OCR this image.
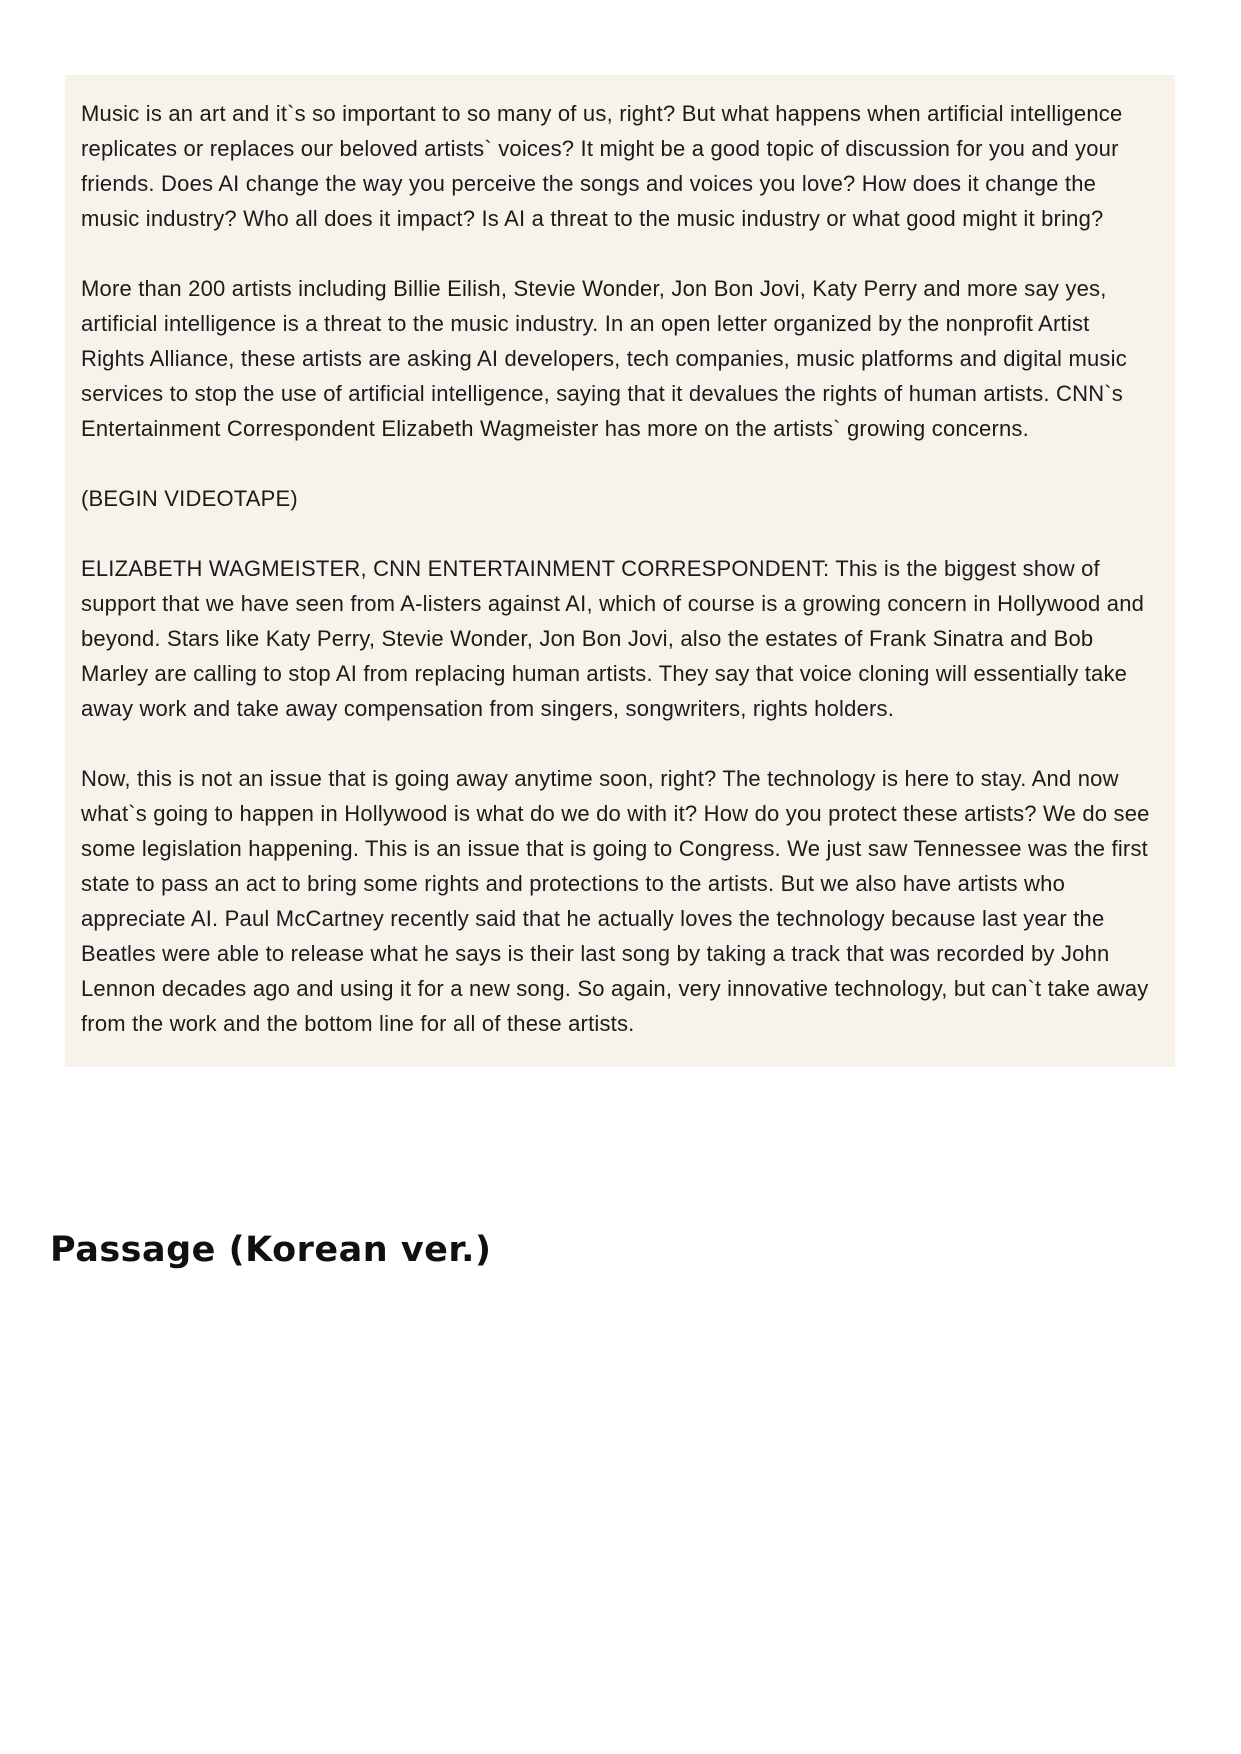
Music is an art and it`s so important to so many of us, right? But what happens when artificial intelligence replicates or replaces our beloved artists` voices? It might be a good topic of discussion for you and your friends. Does AI change the way you perceive the songs and voices you love? How does it change the music industry? Who all does it impact? Is AI a threat to the music industry or what good might it bring?

More than 200 artists including Billie Eilish, Stevie Wonder, Jon Bon Jovi, Katy Perry and more say yes, artificial intelligence is a threat to the music industry. In an open letter organized by the nonprofit Artist Rights Alliance, these artists are asking AI developers, tech companies, music platforms and digital music services to stop the use of artificial intelligence, saying that it devalues the rights of human artists. CNN`s Entertainment Correspondent Elizabeth Wagmeister has more on the artists` growing concerns.

(BEGIN VIDEOTAPE)

ELIZABETH WAGMEISTER, CNN ENTERTAINMENT CORRESPONDENT: This is the biggest show of support that we have seen from A-listers against AI, which of course is a growing concern in Hollywood and beyond. Stars like Katy Perry, Stevie Wonder, Jon Bon Jovi, also the estates of Frank Sinatra and Bob Marley are calling to stop AI from replacing human artists. They say that voice cloning will essentially take away work and take away compensation from singers, songwriters, rights holders.

Now, this is not an issue that is going away anytime soon, right? The technology is here to stay. And now what`s going to happen in Hollywood is what do we do with it? How do you protect these artists? We do see some legislation happening. This is an issue that is going to Congress. We just saw Tennessee was the first state to pass an act to bring some rights and protections to the artists. But we also have artists who appreciate AI. Paul McCartney recently said that he actually loves the technology because last year the Beatles were able to release what he says is their last song by taking a track that was recorded by John Lennon decades ago and using it for a new song. So again, very innovative technology, but can`t take away from the work and the bottom line for all of these artists.

Passage (Korean ver.)
